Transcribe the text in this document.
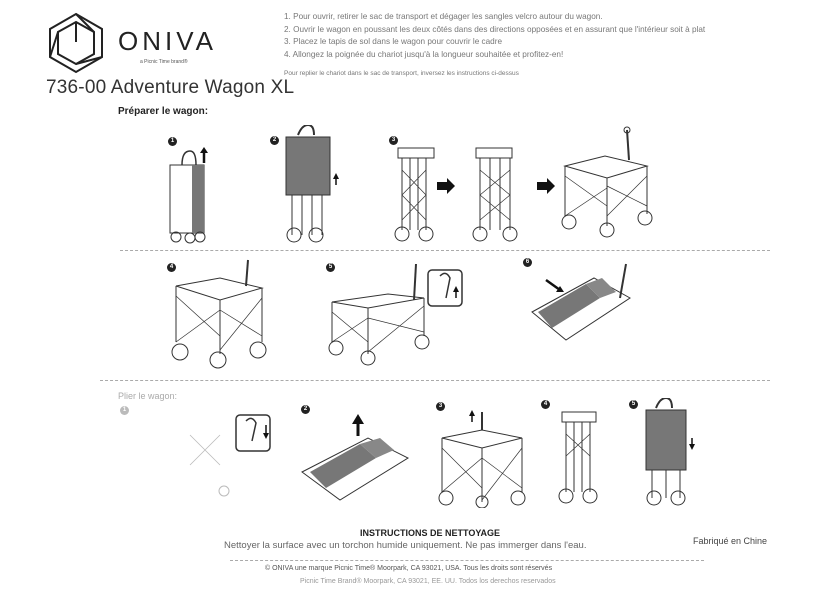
ONIVA
a Picnic Time brand®
736-00 Adventure Wagon XL
Préparer le wagon:
1. Pour ouvrir, retirer le sac de transport et dégager les sangles velcro autour du wagon.
2. Ouvrir le wagon en poussant les deux côtés dans des directions opposées et en assurant que l'intérieur soit à plat
3. Placez le tapis de sol dans le wagon pour couvrir le cadre
4. Allongez la poignée du chariot jusqu'à la longueur souhaitée et profitez-en!
Pour replier le chariot dans le sac de transport, inversez les instructions ci-dessus
1	2	3
4	5
6
Plier le wagon:
1	2	3	4	5
INSTRUCTIONS DE NETTOYAGE
Nettoyer la surface avec un torchon humide uniquement. Ne pas immerger dans l'eau.	Fabriqué en Chine
© ONIVA une marque Picnic Time® Moorpark, CA 93021, USA. Tous les droits sont réservés
Picnic Time Brand® Moorpark, CA 93021, EE. UU. Todos los derechos reservados
